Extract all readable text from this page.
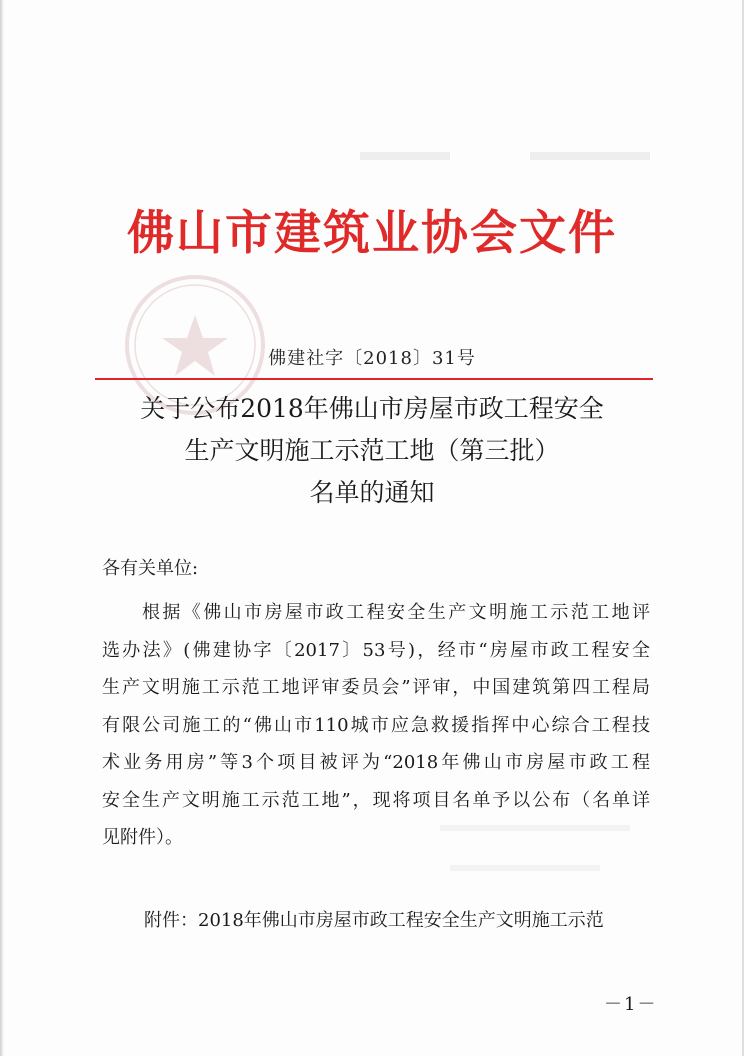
佛山市建筑业协会文件
佛建社字〔2018〕31号
关于公布2018年佛山市房屋市政工程安全
生产文明施工示范工地（第三批）
名单的通知
各有关单位:
根据《佛山市房屋市政工程安全生产文明施工示范工地评
选办法》(佛建协字〔2017〕53号)，经市“房屋市政工程安全
生产文明施工示范工地评审委员会”评审，中国建筑第四工程局
有限公司施工的“佛山市110城市应急救援指挥中心综合工程技
术业务用房”等3个项目被评为“2018年佛山市房屋市政工程
安全生产文明施工示范工地”，现将项目名单予以公布（名单详
见附件）。
附件：2018年佛山市房屋市政工程安全生产文明施工示范
－1－
